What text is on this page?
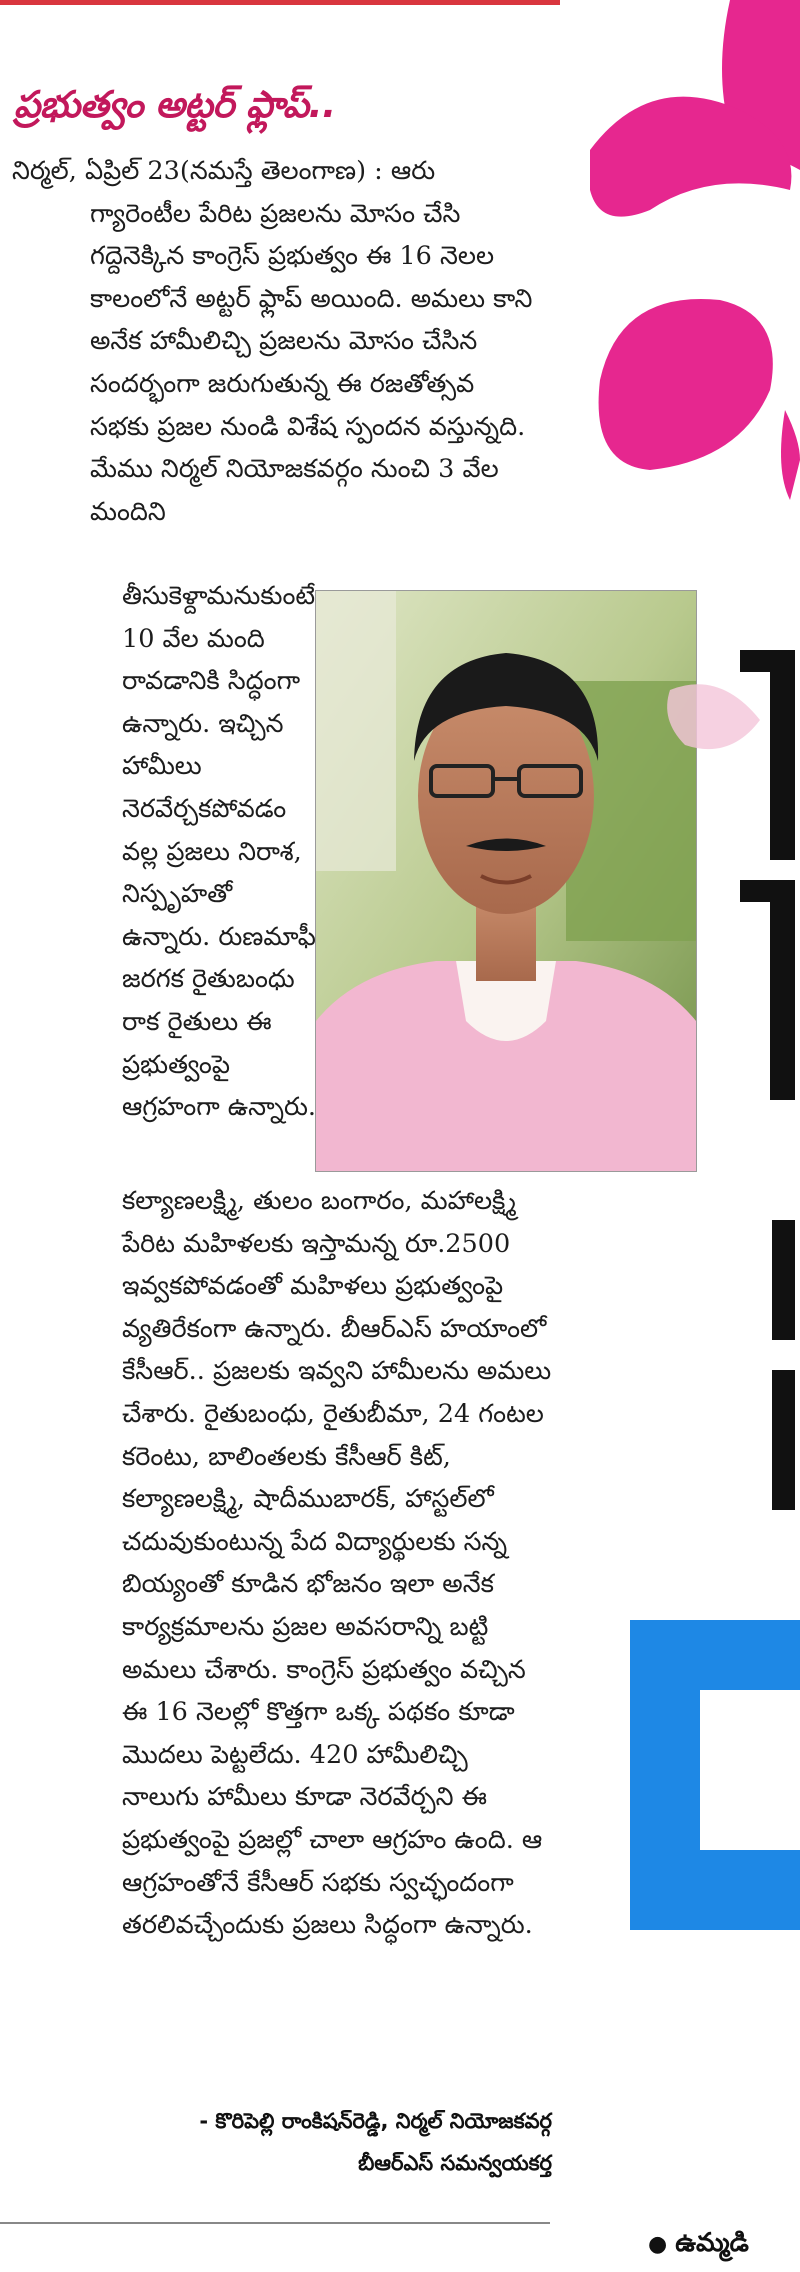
ప్రభుత్వం అట్టర్ ఫ్లాప్..

నిర్మల్, ఏప్రిల్ 23(నమస్తే తెలంగాణ) : ఆరు
గ్యారెంటీల పేరిట ప్రజలను మోసం చేసి గద్దెనెక్కిన కాంగ్రెస్ ప్రభుత్వం ఈ 16 నెలల కాలంలోనే అట్టర్ ఫ్లాప్ అయింది. అమలు కాని అనేక హామీలిచ్చి ప్రజలను మోసం చేసిన సందర్భంగా జరుగుతున్న ఈ రజతోత్సవ సభకు ప్రజల నుండి విశేష స్పందన వస్తున్నది. మేము నిర్మల్ నియోజకవర్గం నుంచి 3 వేల మందిని

తీసుకెళ్దామనుకుంటే 10 వేల మంది రావడానికి సిద్ధంగా ఉన్నారు. ఇచ్చిన హామీలు నెరవేర్చకపోవడం వల్ల ప్రజలు నిరాశ, నిస్పృహతో ఉన్నారు. రుణమాఫీ జరగక రైతుబంధు రాక రైతులు ఈ ప్రభుత్వంపై ఆగ్రహంగా ఉన్నారు.

కల్యాణలక్ష్మి, తులం బంగారం, మహాలక్ష్మి పేరిట మహిళలకు ఇస్తామన్న రూ.2500 ఇవ్వకపోవడంతో మహిళలు ప్రభుత్వంపై వ్యతిరేకంగా ఉన్నారు. బీఆర్ఎస్ హయాంలో కేసీఆర్.. ప్రజలకు ఇవ్వని హామీలను అమలు చేశారు. రైతుబంధు, రైతుబీమా, 24 గంటల కరెంటు, బాలింతలకు కేసీఆర్ కిట్, కల్యాణలక్ష్మి, షాదీముబారక్, హాస్టల్‌లో చదువుకుంటున్న పేద విద్యార్థులకు సన్న బియ్యంతో కూడిన భోజనం ఇలా అనేక కార్యక్రమాలను ప్రజల అవసరాన్ని బట్టి అమలు చేశారు. కాంగ్రెస్ ప్రభుత్వం వచ్చిన ఈ 16 నెలల్లో కొత్తగా ఒక్క పథకం కూడా మొదలు పెట్టలేదు. 420 హామీలిచ్చి నాలుగు హామీలు కూడా నెరవేర్చని ఈ ప్రభుత్వంపై ప్రజల్లో చాలా ఆగ్రహం ఉంది. ఆ ఆగ్రహంతోనే కేసీఆర్ సభకు స్వచ్ఛందంగా తరలివచ్చేందుకు ప్రజలు సిద్ధంగా ఉన్నారు.

- కొరిపెల్లి రాంకిషన్‌రెడ్డి, నిర్మల్ నియోజకవర్గ
బీఆర్ఎస్ సమన్వయకర్త
● ఉమ్మడి
